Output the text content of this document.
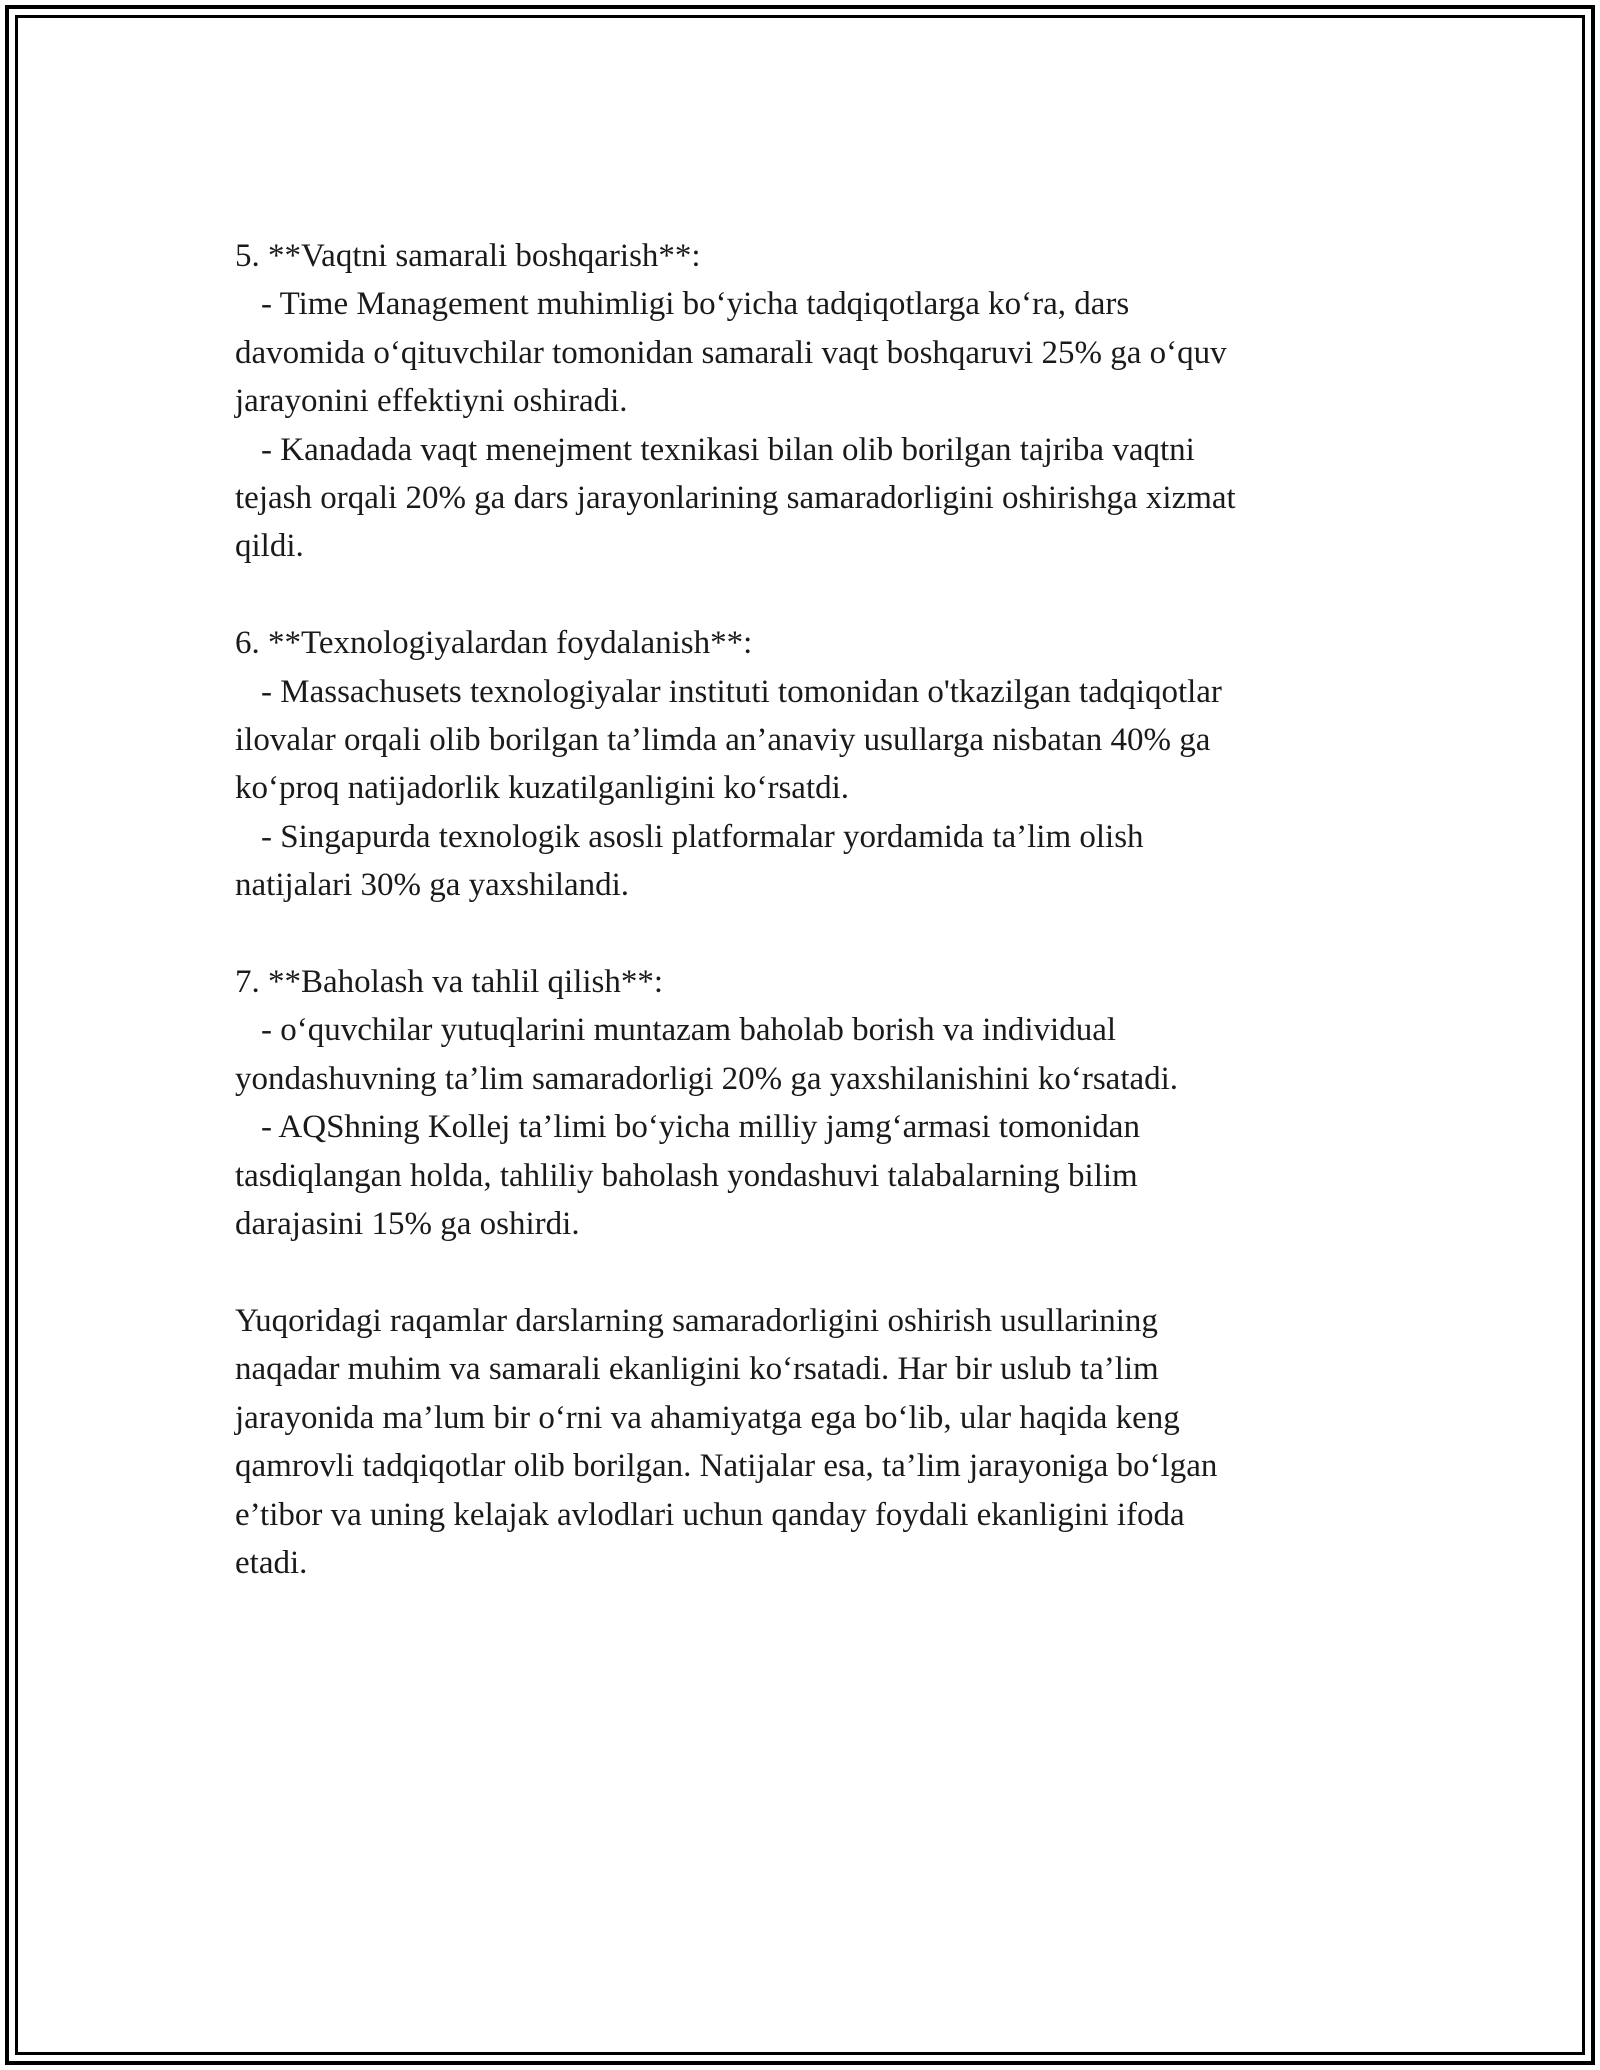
5. **Vaqtni samarali boshqarish**:

- Time Management muhimligi bo‘yicha tadqiqotlarga ko‘ra, dars

davomida o‘qituvchilar tomonidan samarali vaqt boshqaruvi 25% ga o‘quv

jarayonini effektiyni oshiradi.

- Kanadada vaqt menejment texnikasi bilan olib borilgan tajriba vaqtni

tejash orqali 20% ga dars jarayonlarining samaradorligini oshirishga xizmat

qildi.

6. **Texnologiyalardan foydalanish**:

- Massachusets texnologiyalar instituti tomonidan o'tkazilgan tadqiqotlar

ilovalar orqali olib borilgan ta’limda an’anaviy usullarga nisbatan 40% ga

ko‘proq natijadorlik kuzatilganligini ko‘rsatdi.

- Singapurda texnologik asosli platformalar yordamida ta’lim olish

natijalari 30% ga yaxshilandi.

7. **Baholash va tahlil qilish**:

- o‘quvchilar yutuqlarini muntazam baholab borish va individual

yondashuvning ta’lim samaradorligi 20% ga yaxshilanishini ko‘rsatadi.

- AQShning Kollej ta’limi bo‘yicha milliy jamg‘armasi tomonidan

tasdiqlangan holda, tahliliy baholash yondashuvi talabalarning bilim

darajasini 15% ga oshirdi.

Yuqoridagi raqamlar darslarning samaradorligini oshirish usullarining

naqadar muhim va samarali ekanligini ko‘rsatadi. Har bir uslub ta’lim

jarayonida ma’lum bir o‘rni va ahamiyatga ega bo‘lib, ular haqida keng

qamrovli tadqiqotlar olib borilgan. Natijalar esa, ta’lim jarayoniga bo‘lgan

e’tibor va uning kelajak avlodlari uchun qanday foydali ekanligini ifoda

etadi.
